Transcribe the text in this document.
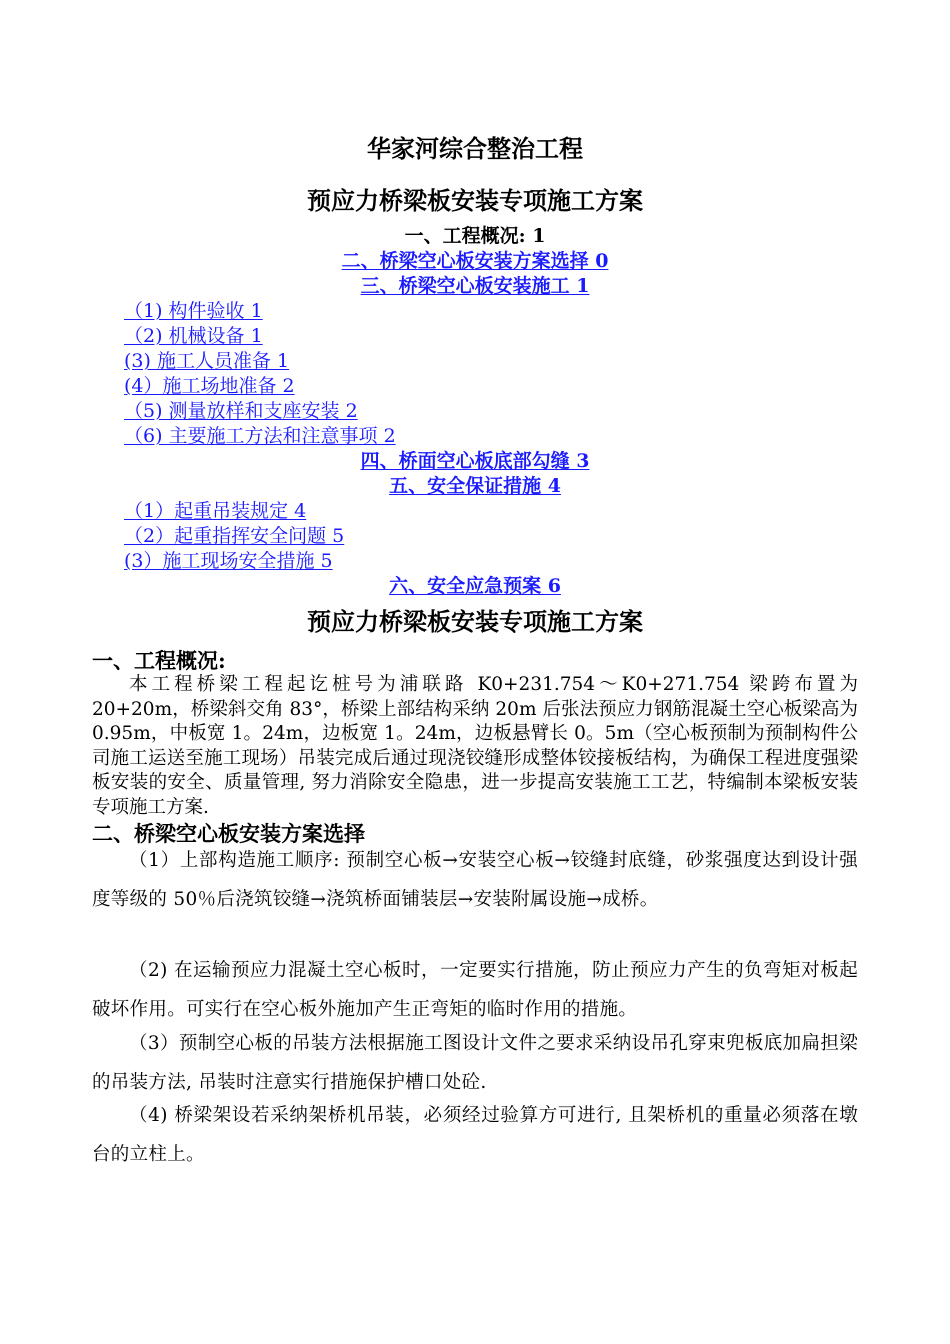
华家河综合整治工程
预应力桥梁板安装专项施工方案
一、工程概况: 1
二、桥梁空心板安装方案选择 0
三、桥梁空心板安装施工 1
（1) 构件验收 1
（2) 机械设备 1
(3) 施工人员准备 1
(4）施工场地准备 2
（5) 测量放样和支座安装 2
（6) 主要施工方法和注意事项 2
四、桥面空心板底部勾缝 3
五、安全保证措施 4
（1）起重吊装规定 4
（2）起重指挥安全问题 5
(3）施工现场安全措施 5
六、安全应急预案 6
预应力桥梁板安装专项施工方案
一、工程概况:
本工程桥梁工程起讫桩号为浦联路 K0+231.754～K0+271.754 梁跨布置为 20+20m，桥梁斜交角 83°，桥梁上部结构采纳 20m 后张法预应力钢筋混凝土空心板梁高为 0.95m，中板宽 1。24m，边板宽 1。24m，边板悬臂长 0。5m（空心板预制为预制构件公司施工运送至施工现场）吊装完成后通过现浇铰缝形成整体铰接板结构，为确保工程进度强梁板安装的安全、质量管理, 努力消除安全隐患，进一步提高安装施工工艺，特编制本梁板安装专项施工方案.
二、桥梁空心板安装方案选择
（1）上部构造施工顺序: 预制空心板→安装空心板→铰缝封底缝，砂浆强度达到设计强度等级的 50％后浇筑铰缝→浇筑桥面铺装层→安装附属设施→成桥。
（2) 在运输预应力混凝土空心板时，一定要实行措施，防止预应力产生的负弯矩对板起破坏作用。可实行在空心板外施加产生正弯矩的临时作用的措施。
（3）预制空心板的吊装方法根据施工图设计文件之要求采纳设吊孔穿束兜板底加扁担梁的吊装方法, 吊装时注意实行措施保护槽口处砼.
（4) 桥梁架设若采纳架桥机吊装，必须经过验算方可进行, 且架桥机的重量必须落在墩台的立柱上。
